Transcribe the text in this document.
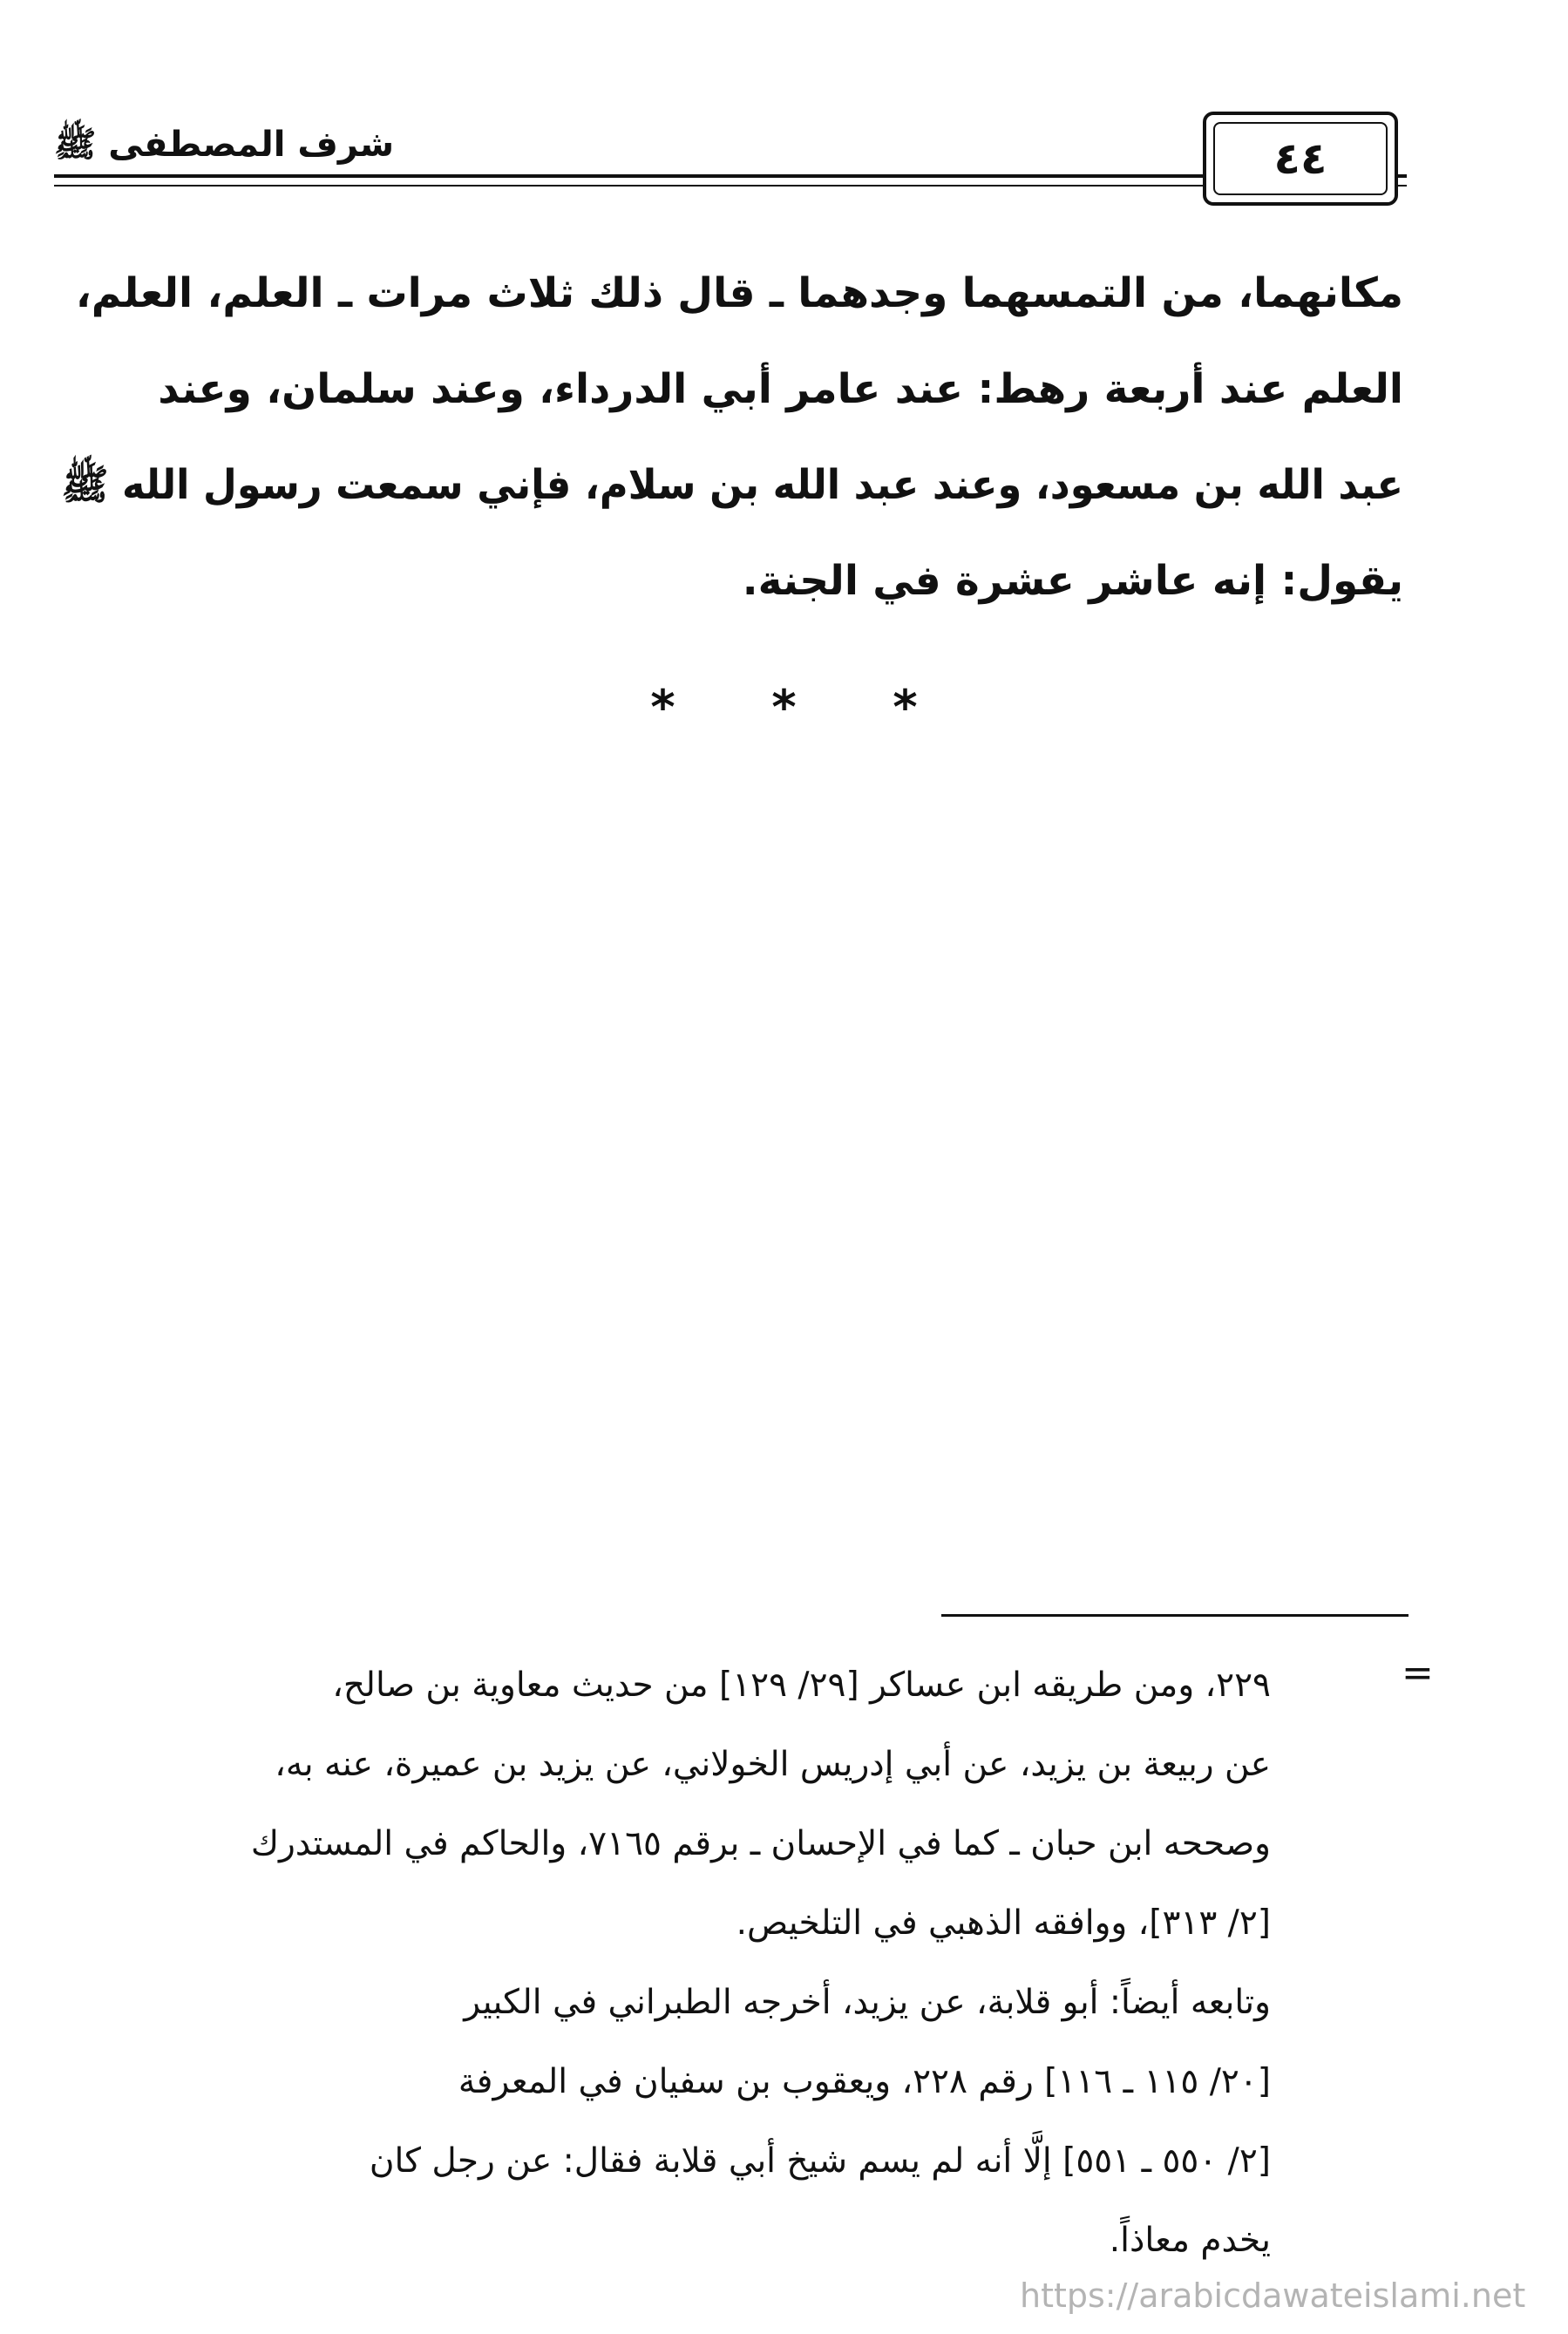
شرف المصطفى ﷺ	٤٤
مكانهما، من التمسهما وجدهما ـ قال ذلك ثلاث مرات ـ العلم، العلم،
العلم عند أربعة رهط: عند عامر أبي الدرداء، وعند سلمان، وعند
عبد الله بن مسعود، وعند عبد الله بن سلام، فإني سمعت رسول الله ﷺ
يقول: إنه عاشر عشرة في الجنة.
* * *
=
٢٢٩، ومن طريقه ابن عساكر [٢٩/ ١٢٩] من حديث معاوية بن صالح،
عن ربيعة بن يزيد، عن أبي إدريس الخولاني، عن يزيد بن عميرة، عنه به،
وصححه ابن حبان ـ كما في الإحسان ـ برقم ٧١٦٥، والحاكم في المستدرك
[٢/ ٣١٣]، ووافقه الذهبي في التلخيص.
وتابعه أيضاً: أبو قلابة، عن يزيد، أخرجه الطبراني في الكبير
[٢٠/ ١١٥ ـ ١١٦] رقم ٢٢٨، ويعقوب بن سفيان في المعرفة
[٢/ ٥٥٠ ـ ٥٥١] إلَّا أنه لم يسم شيخ أبي قلابة فقال: عن رجل كان
يخدم معاذاً.
https://arabicdawateislami.net
